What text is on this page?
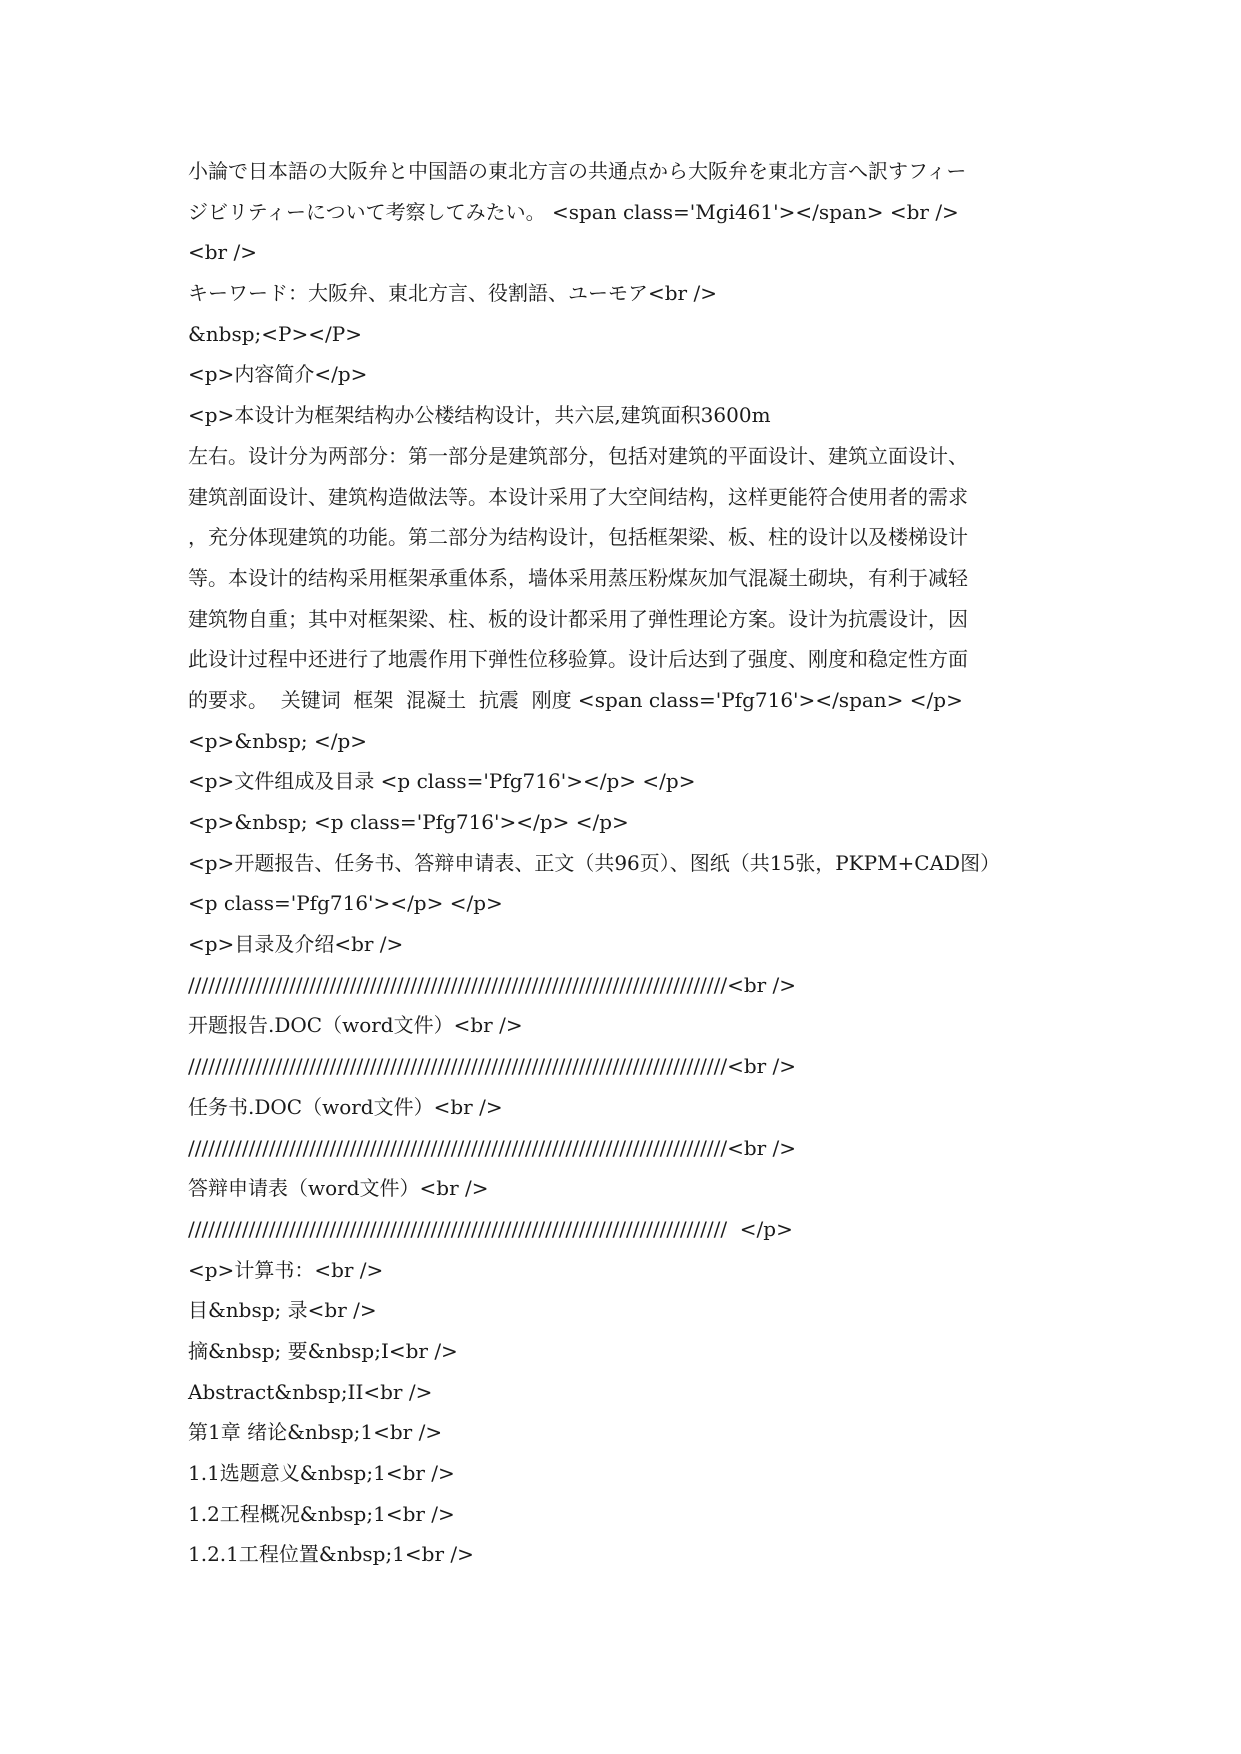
小論で日本語の大阪弁と中国語の東北方言の共通点から大阪弁を東北方言へ訳すフィー
ジビリティーについて考察してみたい。 <span class='Mgi461'></span> <br />
<br />
キーワード：大阪弁、東北方言、役割語、ユーモア<br />
&nbsp;<P></P>
<p>内容简介</p>
<p>本设计为框架结构办公楼结构设计，共六层,建筑面积3600m
左右。设计分为两部分：第一部分是建筑部分，包括对建筑的平面设计、建筑立面设计、
建筑剖面设计、建筑构造做法等。本设计采用了大空间结构，这样更能符合使用者的需求
，充分体现建筑的功能。第二部分为结构设计，包括框架梁、板、柱的设计以及楼梯设计
等。本设计的结构采用框架承重体系，墙体采用蒸压粉煤灰加气混凝土砌块，有利于减轻
建筑物自重；其中对框架梁、柱、板的设计都采用了弹性理论方案。设计为抗震设计，因
此设计过程中还进行了地震作用下弹性位移验算。设计后达到了强度、刚度和稳定性方面
的要求。  关键词  框架  混凝土  抗震  刚度 <span class='Pfg716'></span> </p>
<p>&nbsp; </p>
<p>文件组成及目录 <p class='Pfg716'></p> </p>
<p>&nbsp; <p class='Pfg716'></p> </p>
<p>开题报告、任务书、答辩申请表、正文（共96页）、图纸（共15张，PKPM+CAD图）
<p class='Pfg716'></p> </p>
<p>目录及介绍<br />
////////////////////////////////////////////////////////////////////////////////<br />
开题报告.DOC（word文件）<br />
////////////////////////////////////////////////////////////////////////////////<br />
任务书.DOC（word文件）<br />
////////////////////////////////////////////////////////////////////////////////<br />
答辩申请表（word文件）<br />
////////////////////////////////////////////////////////////////////////////////  </p>
<p>计算书：<br />
目&nbsp; 录<br />
摘&nbsp; 要&nbsp;I<br />
Abstract&nbsp;II<br />
第1章 绪论&nbsp;1<br />
1.1选题意义&nbsp;1<br />
1.2工程概况&nbsp;1<br />
1.2.1工程位置&nbsp;1<br />
